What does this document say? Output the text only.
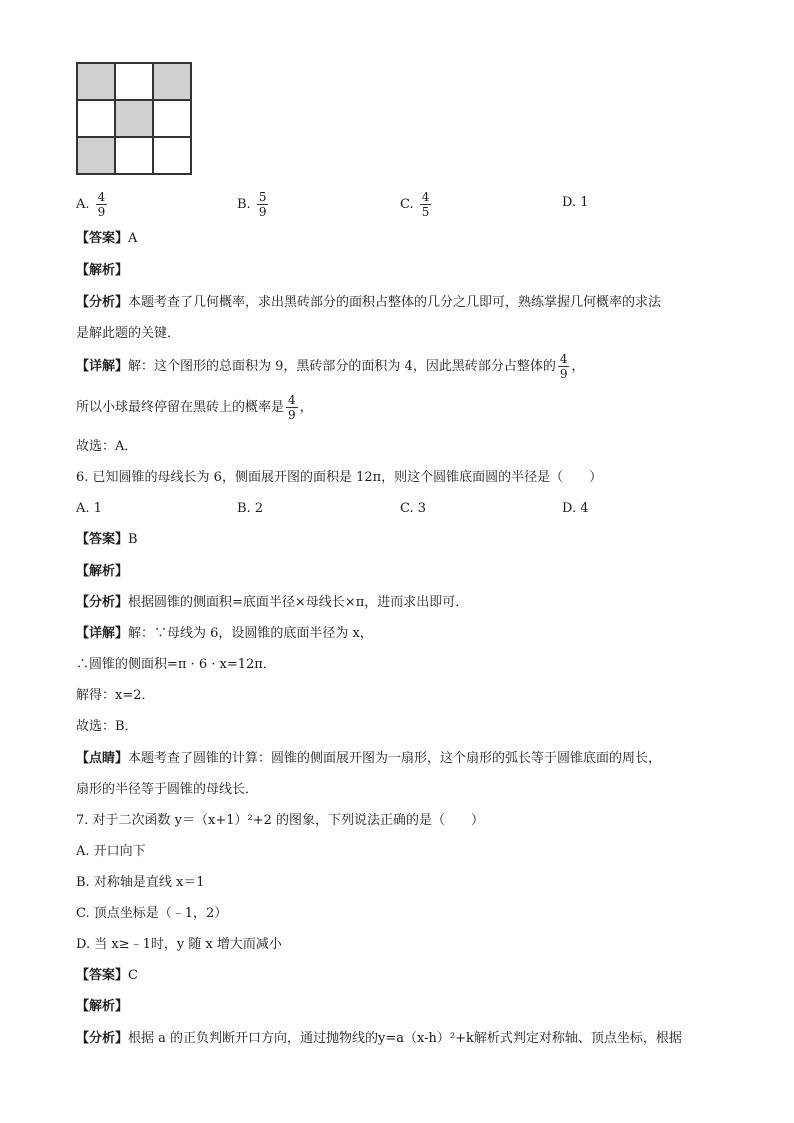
A. $\frac{4}{9}$	B. $\frac{5}{9}$	C. $\frac{4}{5}$	D. 1
【答案】A
【解析】
【分析】本题考查了几何概率，求出黑砖部分的面积占整体的几分之几即可，熟练掌握几何概率的求法
是解此题的关键．
【详解】解：这个图形的总面积为 9，黑砖部分的面积为 4，因此黑砖部分占整体的 $\frac{4}{9}$ ，
所以小球最终停留在黑砖上的概率是 $\frac{4}{9}$ ，
故选：A．
6. 已知圆锥的母线长为 6，侧面展开图的面积是 12π，则这个圆锥底面圆的半径是（　　）
A. 1	B. 2	C. 3	D. 4
【答案】B
【解析】
【分析】根据圆锥的侧面积=底面半径×母线长×π，进而求出即可．
【详解】解：∵母线为 6，设圆锥的底面半径为 x，
∴圆锥的侧面积=π · 6 · x=12π．
解得：x=2．
故选：B．
【点睛】本题考查了圆锥的计算：圆锥的侧面展开图为一扇形，这个扇形的弧长等于圆锥底面的周长，
扇形的半径等于圆锥的母线长．
7. 对于二次函数 y＝（x+1）²+2 的图象，下列说法正确的是（　　）
A. 开口向下
B. 对称轴是直线 x＝1
C. 顶点坐标是（﹣1，2）
D. 当 x≥﹣1时，y 随 x 增大而减小
【答案】C
【解析】
【分析】根据 a 的正负判断开口方向，通过抛物线的y=a（x-h）²+k解析式判定对称轴、顶点坐标，根据
